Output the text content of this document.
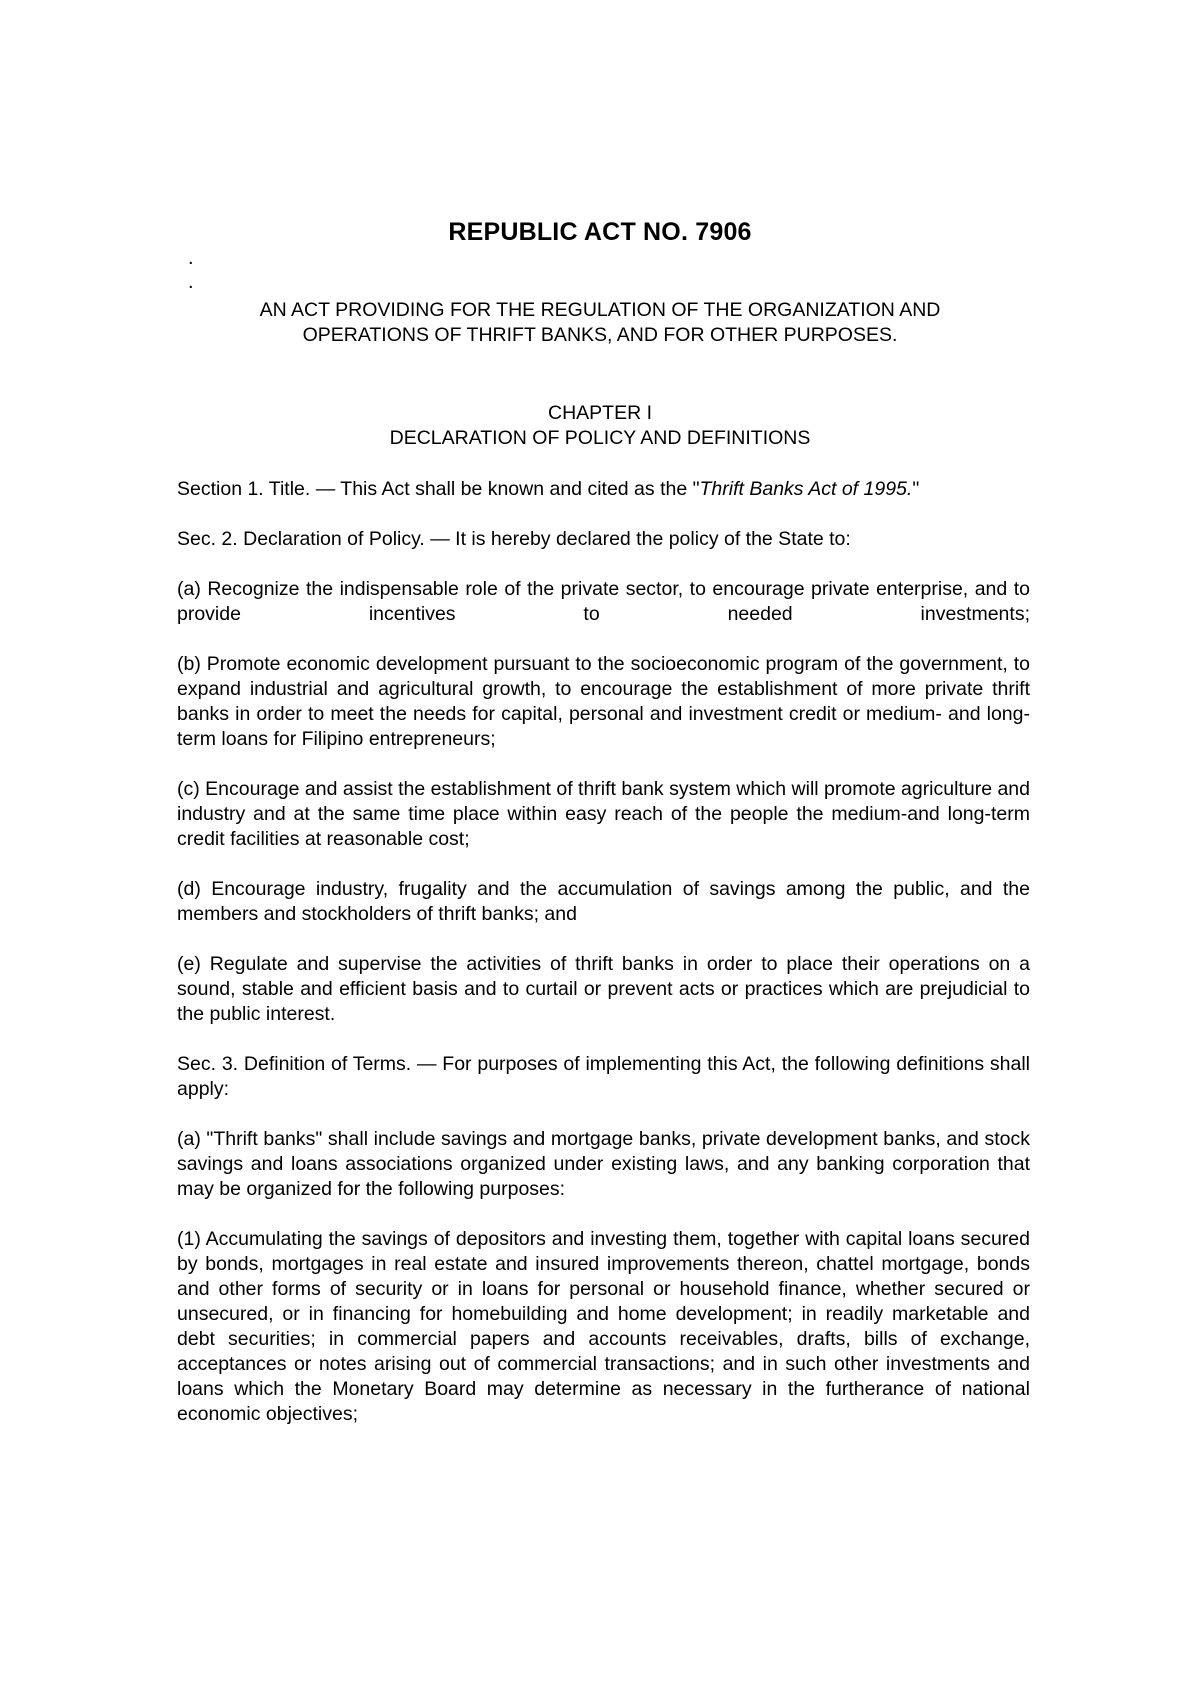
REPUBLIC ACT NO. 7906
.
.
AN ACT PROVIDING FOR THE REGULATION OF THE ORGANIZATION AND
OPERATIONS OF THRIFT BANKS, AND FOR OTHER PURPOSES.
CHAPTER I
DECLARATION OF POLICY AND DEFINITIONS

Section 1. Title. — This Act shall be known and cited as the "Thrift Banks Act of 1995."

Sec. 2. Declaration of Policy. — It is hereby declared the policy of the State to:

(a) Recognize the indispensable role of the private sector, to encourage private enterprise, and to provide incentives to needed investments;

(b) Promote economic development pursuant to the socioeconomic program of the government, to expand industrial and agricultural growth, to encourage the establishment of more private thrift banks in order to meet the needs for capital, personal and investment credit or medium- and long-term loans for Filipino entrepreneurs;

(c) Encourage and assist the establishment of thrift bank system which will promote agriculture and industry and at the same time place within easy reach of the people the medium-and long-term credit facilities at reasonable cost;

(d) Encourage industry, frugality and the accumulation of savings among the public, and the members and stockholders of thrift banks; and

(e) Regulate and supervise the activities of thrift banks in order to place their operations on a sound, stable and efficient basis and to curtail or prevent acts or practices which are prejudicial to the public interest.

Sec. 3. Definition of Terms. — For purposes of implementing this Act, the following definitions shall apply:

(a) "Thrift banks" shall include savings and mortgage banks, private development banks, and stock savings and loans associations organized under existing laws, and any banking corporation that may be organized for the following purposes:

(1) Accumulating the savings of depositors and investing them, together with capital loans secured by bonds, mortgages in real estate and insured improvements thereon, chattel mortgage, bonds and other forms of security or in loans for personal or household finance, whether secured or unsecured, or in financing for homebuilding and home development; in readily marketable and debt securities; in commercial papers and accounts receivables, drafts, bills of exchange, acceptances or notes arising out of commercial transactions; and in such other investments and loans which the Monetary Board may determine as necessary in the furtherance of national economic objectives;
